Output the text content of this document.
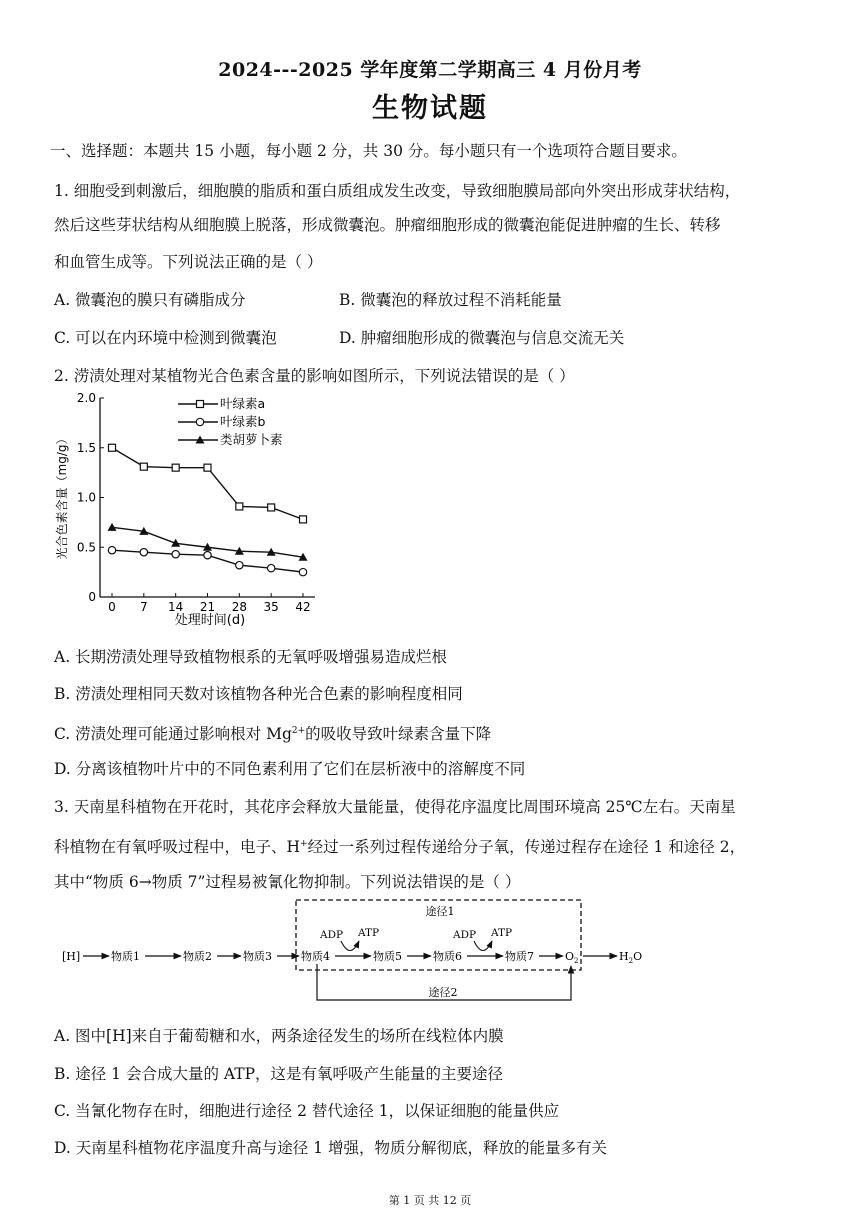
2024---2025 学年度第二学期高三 4 月份月考
生物试题
一、选择题：本题共 15 小题，每小题 2 分，共 30 分。每小题只有一个选项符合题目要求。
1. 细胞受到刺激后，细胞膜的脂质和蛋白质组成发生改变，导致细胞膜局部向外突出形成芽状结构，
然后这些芽状结构从细胞膜上脱落，形成微囊泡。肿瘤细胞形成的微囊泡能促进肿瘤的生长、转移
和血管生成等。下列说法正确的是（ ）
A. 微囊泡的膜只有磷脂成分	B. 微囊泡的释放过程不消耗能量
C. 可以在内环境中检测到微囊泡	D. 肿瘤细胞形成的微囊泡与信息交流无关
2. 涝渍处理对某植物光合色素含量的影响如图所示，下列说法错误的是（ ）
0
0.5
1.0
1.5
2.0
0 7 14 21 28 35 42
叶绿素a
叶绿素b
类胡萝卜素
光合色素含量（mg/g）
处理时间(d)
A. 长期涝渍处理导致植物根系的无氧呼吸增强易造成烂根
B. 涝渍处理相同天数对该植物各种光合色素的影响程度相同
C. 涝渍处理可能通过影响根对 $Mg^{2+}$的吸收导致叶绿素含量下降
D. 分离该植物叶片中的不同色素利用了它们在层析液中的溶解度不同
3. 天南星科植物在开花时，其花序会释放大量能量，使得花序温度比周围环境高 25℃左右。天南星
科植物在有氧呼吸过程中，电子、H+经过一系列过程传递给分子氧，传递过程存在途径 1 和途径 2，
其中“物质 6→物质 7”过程易被氰化物抑制。下列说法错误的是（ ）
途径1
[H]	物质1	物质2	物质3	物质4	物质5	物质6	物质7	$O_2$	$H_2O$
ADP ATP	ADP ATP
途径2
A. 图中[H]来自于葡萄糖和水，两条途径发生的场所在线粒体内膜
B. 途径 1 会合成大量的 ATP，这是有氧呼吸产生能量的主要途径
C. 当氰化物存在时，细胞进行途径 2 替代途径 1，以保证细胞的能量供应
D. 天南星科植物花序温度升高与途径 1 增强，物质分解彻底，释放的能量多有关
第 1 页 共 12 页
